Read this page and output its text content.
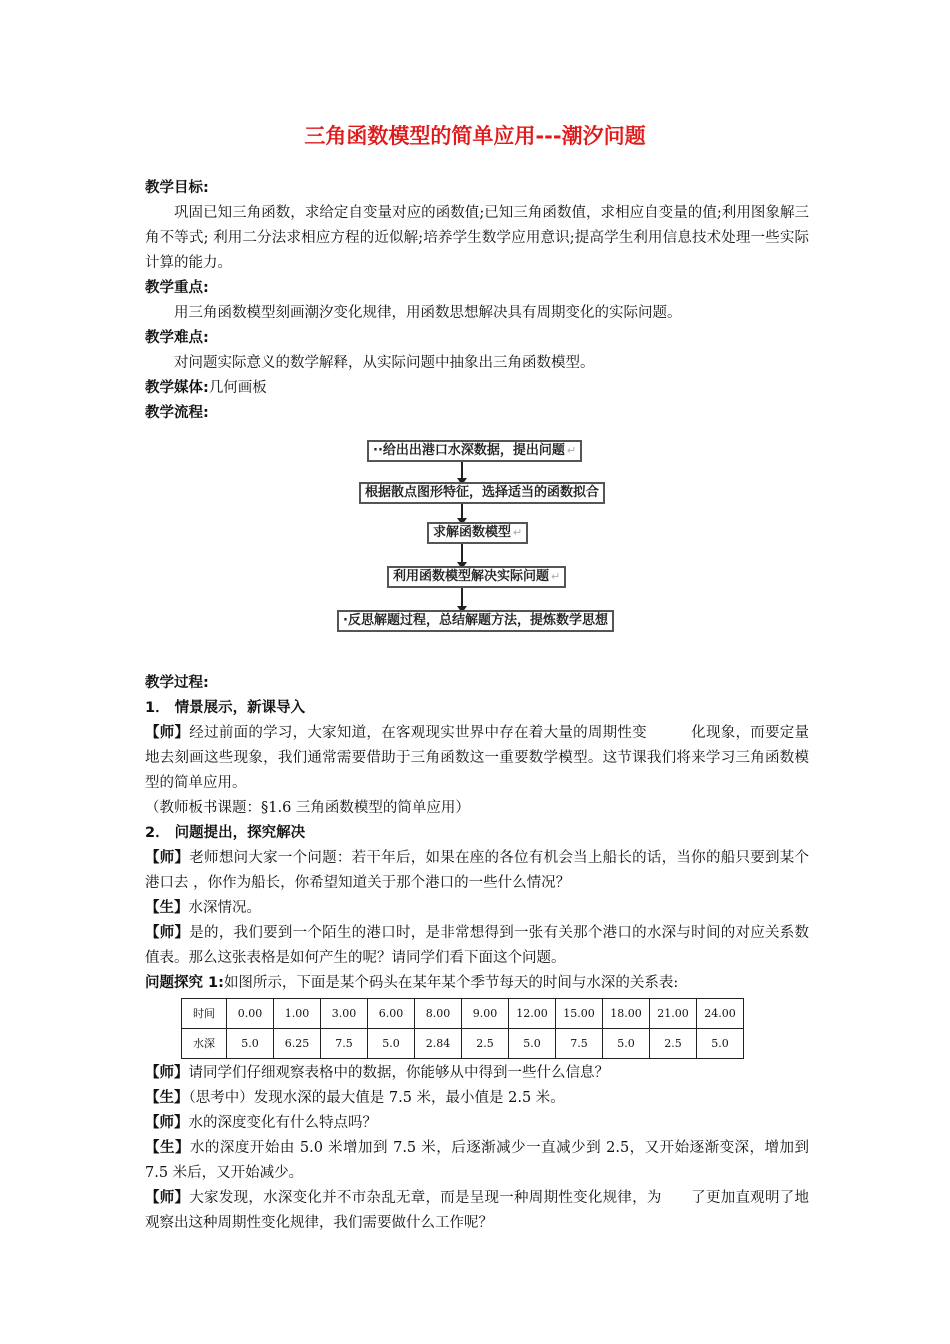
三角函数模型的简单应用---潮汐问题
教学目标:
巩固已知三角函数，求给定自变量对应的函数值;已知三角函数值，求相应自变量的值;利用图象解三角不等式; 利用二分法求相应方程的近似解;培养学生数学应用意识;提高学生利用信息技术处理一些实际计算的能力。
教学重点:
用三角函数模型刻画潮汐变化规律，用函数思想解决具有周期变化的实际问题。
教学难点:
对问题实际意义的数学解释，从实际问题中抽象出三角函数模型。
教学媒体:几何画板
教学流程:
··给出出港口水深数据，提出问题 ↵
根据散点图形特征，选择适当的函数拟合
求解函数模型 ↵
利用函数模型解决实际问题 ↵
·反思解题过程，总结解题方法，提炼数学思想
教学过程:
1． 情景展示，新课导入
【师】经过前面的学习，大家知道，在客观现实世界中存在着大量的周期性变　　　化现象，而要定量地去刻画这些现象，我们通常需要借助于三角函数这一重要数学模型。这节课我们将来学习三角函数模型的简单应用。
（教师板书课题：§1.6 三角函数模型的简单应用）
2． 问题提出，探究解决
【师】老师想问大家一个问题：若干年后，如果在座的各位有机会当上船长的话，当你的船只要到某个港口去 ，你作为船长，你希望知道关于那个港口的一些什么情况？
【生】水深情况。
【师】是的，我们要到一个陌生的港口时，是非常想得到一张有关那个港口的水深与时间的对应关系数值表。那么这张表格是如何产生的呢？请同学们看下面这个问题。
问题探究 1:如图所示，下面是某个码头在某年某个季节每天的时间与水深的关系表:
时间	0.00	1.00	3.00	6.00	8.00	9.00	12.00	15.00	18.00	21.00	24.00
水深	5.0	6.25	7.5	5.0	2.84	2.5	5.0	7.5	5.0	2.5	5.0
【师】请同学们仔细观察表格中的数据，你能够从中得到一些什么信息？
【生】（思考中）发现水深的最大值是 7.5 米，最小值是 2.5 米。
【师】水的深度变化有什么特点吗？
【生】水的深度开始由 5.0 米增加到 7.5 米，后逐渐减少一直减少到 2.5，又开始逐渐变深，增加到 7.5 米后，又开始减少。
【师】大家发现，水深变化并不市杂乱无章，而是呈现一种周期性变化规律，为　　了更加直观明了地观察出这种周期性变化规律，我们需要做什么工作呢？
